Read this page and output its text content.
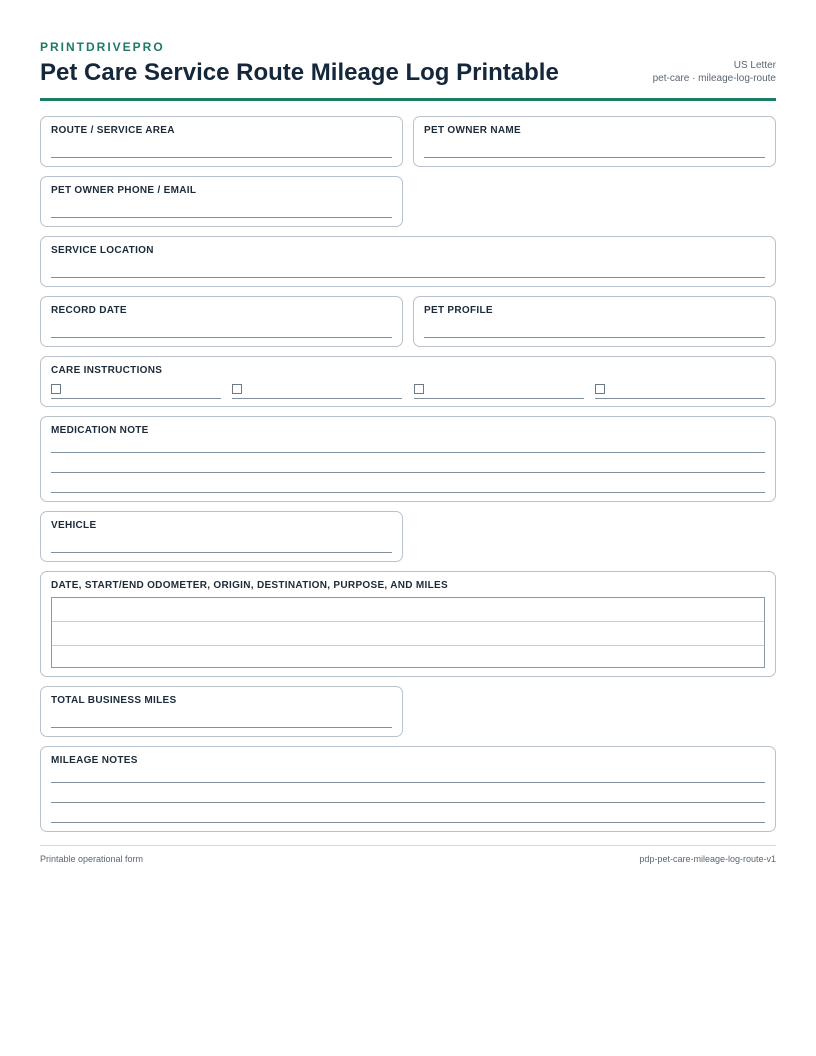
PRINTDRIVEPRO
Pet Care Service Route Mileage Log Printable	US Letter
pet-care · mileage-log-route
ROUTE / SERVICE AREA	PET OWNER NAME
PET OWNER PHONE / EMAIL
SERVICE LOCATION
RECORD DATE	PET PROFILE
CARE INSTRUCTIONS
MEDICATION NOTE
VEHICLE
DATE, START/END ODOMETER, ORIGIN, DESTINATION, PURPOSE, AND MILES
TOTAL BUSINESS MILES
MILEAGE NOTES
Printable operational form	pdp-pet-care-mileage-log-route-v1
